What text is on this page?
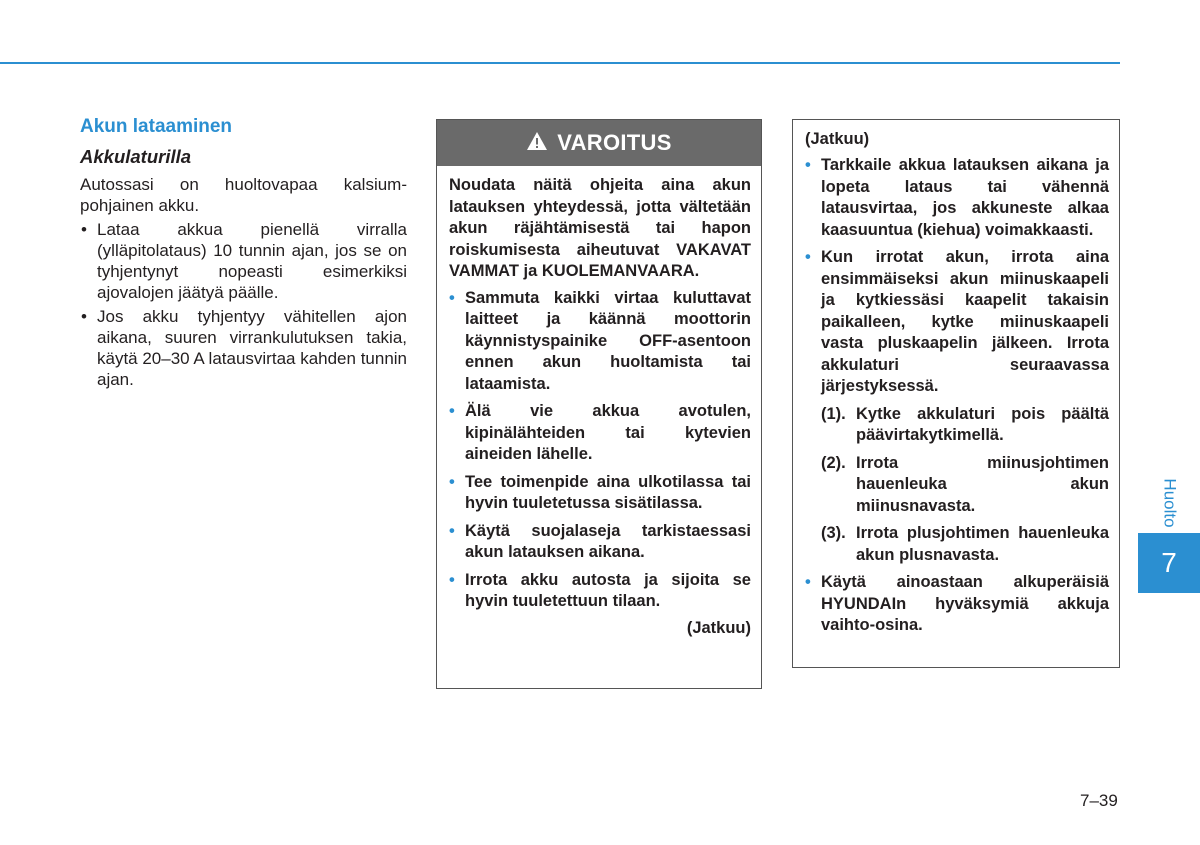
Akun lataaminen
Akkulaturilla

Autossasi on huoltovapaa kalsium-pohjainen akku.

• Lataa akkua pienellä virralla (ylläpitolataus) 10 tunnin ajan, jos se on tyhjentynyt nopeasti esimerkiksi ajovalojen jäätyä päälle.
• Jos akku tyhjentyy vähitellen ajon aikana, suuren virrankulutuksen takia, käytä 20–30 A latausvirtaa kahden tunnin ajan.
VAROITUS

Noudata näitä ohjeita aina akun latauksen yhteydessä, jotta vältetään akun räjähtämisestä tai hapon roiskumisesta aiheutuvat VAKAVAT VAMMAT ja KUOLEMANVAARA.

• Sammuta kaikki virtaa kuluttavat laitteet ja käännä moottorin käynnistyspainike OFF-asentoon ennen akun huoltamista tai lataamista.
• Älä vie akkua avotulen, kipinälähteiden tai kytevien aineiden lähelle.
• Tee toimenpide aina ulkotilassa tai hyvin tuuletetussa sisätilassa.
• Käytä suojalaseja tarkistaessasi akun latauksen aikana.
• Irrota akku autosta ja sijoita se hyvin tuuletettuun tilaan.

(Jatkuu)

(Jatkuu)

• Tarkkaile akkua latauksen aikana ja lopeta lataus tai vähennä latausvirtaa, jos akkuneste alkaa kaasuuntua (kiehua) voimakkaasti.
• Kun irrotat akun, irrota aina ensimmäiseksi akun miinuskaapeli ja kytkiessäsi kaapelit takaisin paikalleen, kytke miinuskaapeli vasta pluskaapelin jälkeen. Irrota akkulaturi seuraavassa järjestyksessä.
(1). Kytke akkulaturi pois päältä päävirtakytkimellä.
(2). Irrota miinusjohtimen hauenleuka akun miinusnavasta.
(3). Irrota plusjohtimen hauenleuka akun plusnavasta.
• Käytä ainoastaan alkuperäisiä HYUNDAIn hyväksymiä akkuja vaihto-osina.
Huolto
7
7–39
